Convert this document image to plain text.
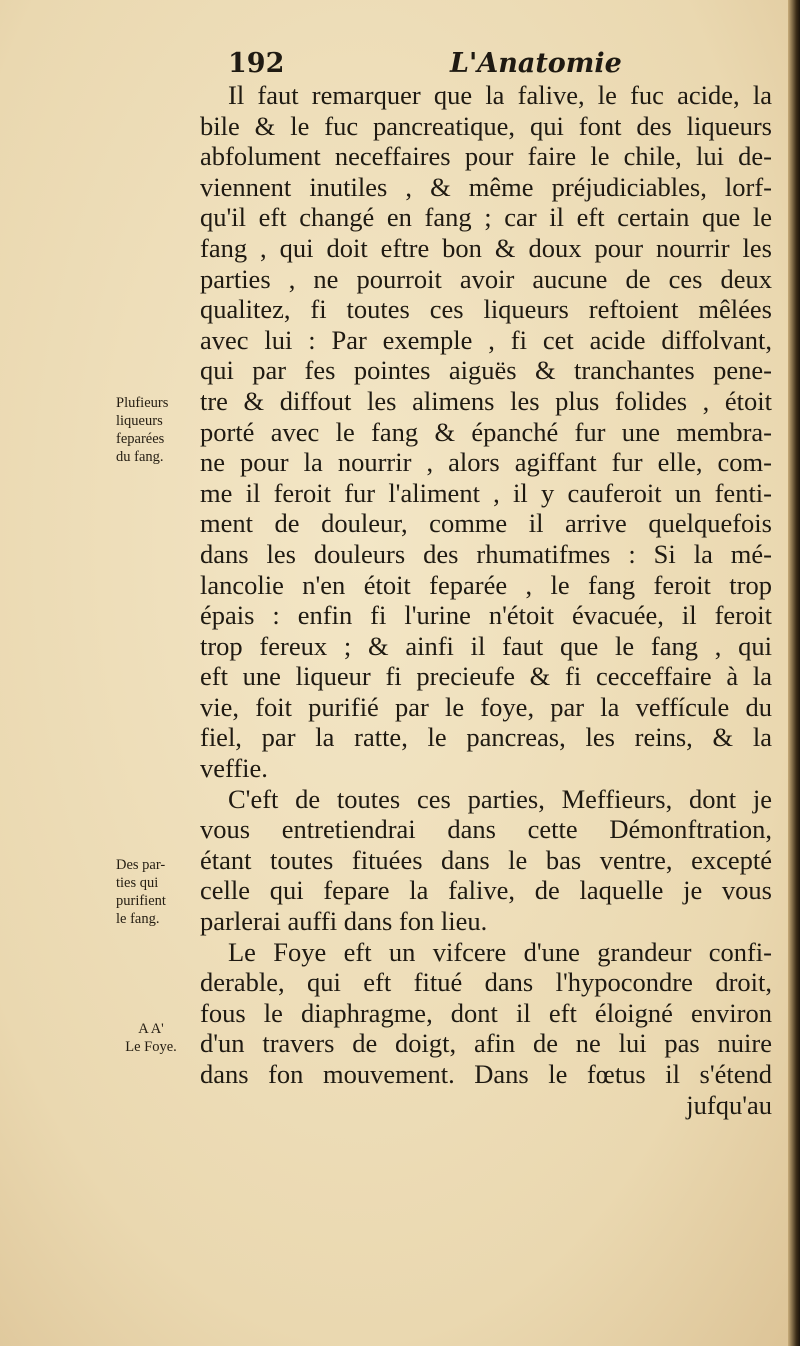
192	L'Anatomie
Plufieurs
liqueurs
feparées
du fang.
Des par-
ties qui
purifient
le fang.
A A'
Le Foye.
Il faut remarquer que la falive, le fuc acide, la
bile & le fuc pancreatique, qui font des liqueurs
abfolument neceffaires pour faire le chile, lui de-
viennent inutiles , & même préjudiciables, lorf-
qu'il eft changé en fang ; car il eft certain que le
fang , qui doit eftre bon & doux pour nourrir les
parties , ne pourroit avoir aucune de ces deux
qualitez, fi toutes ces liqueurs reftoient mêlées
avec lui : Par exemple , fi cet acide diffolvant,
qui par fes pointes aiguës & tranchantes pene-
tre & diffout les alimens les plus folides , étoit
porté avec le fang & épanché fur une membra-
ne pour la nourrir , alors agiffant fur elle, com-
me il feroit fur l'aliment , il y cauferoit un fenti-
ment de douleur, comme il arrive quelquefois
dans les douleurs des rhumatifmes : Si la mé-
lancolie n'en étoit feparée , le fang feroit trop
épais : enfin fi l'urine n'étoit évacuée, il feroit
trop fereux ; & ainfi il faut que le fang , qui
eft une liqueur fi precieufe & fi cecceffaire à la
vie, foit purifié par le foye, par la veffícule du
fiel, par la ratte, le pancreas, les reins, & la
veffie.
C'eft de toutes ces parties, Meffieurs, dont je
vous entretiendrai dans cette Démonftration,
étant toutes fituées dans le bas ventre, excepté
celle qui fepare la falive, de laquelle je vous
parlerai auffi dans fon lieu.
Le Foye eft un vifcere d'une grandeur confi-
derable, qui eft fitué dans l'hypocondre droit,
fous le diaphragme, dont il eft éloigné environ
d'un travers de doigt, afin de ne lui pas nuire
dans fon mouvement. Dans le fœtus il s'étend
jufqu'au
